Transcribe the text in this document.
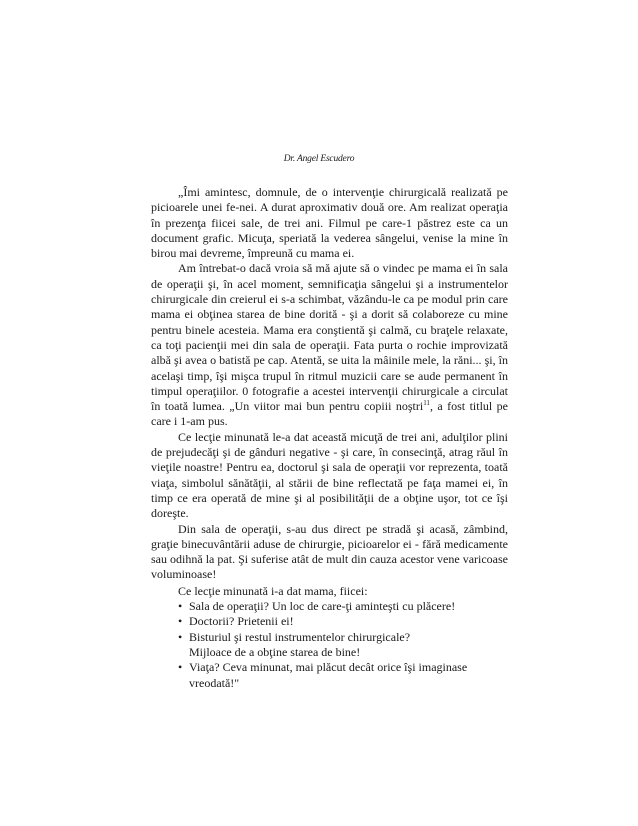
Dr. Angel Escudero

„Îmi amintesc, domnule, de o intervenţie chirurgicală realizată pe picioarele unei fe-nei. A durat aproximativ două ore. Am realizat operaţia în prezenţa fiicei sale, de trei ani. Filmul pe care-1 păstrez este ca un document grafic. Micuţa, speriată la vederea sângelui, venise la mine în birou mai devreme, împreună cu mama ei.

Am întrebat-o dacă vroia să mă ajute să o vindec pe mama ei în sala de operaţii şi, în acel moment, semnificaţia sângelui şi a instrumentelor chirurgicale din creierul ei s-a schimbat, văzându-le ca pe modul prin care mama ei obţinea starea de bine dorită - şi a dorit să colaboreze cu mine pentru binele acesteia. Mama era conştientă şi calmă, cu braţele relaxate, ca toţi pacienţii mei din sala de operaţii. Fata purta o rochie improvizată albă şi avea o batistă pe cap. Atentă, se uita la mâinile mele, la răni... şi, în acelaşi timp, îşi mişca trupul în ritmul muzicii care se aude permanent în timpul operaţiilor. 0 fotografie a acestei intervenţii chirurgicale a circulat în toată lumea. „Un viitor mai bun pentru copiii noştri$^{11}$, a fost titlul pe care i 1-am pus.

Ce lecţie minunată le-a dat această micuţă de trei ani, adulţilor plini de prejudecăţi şi de gânduri negative - şi care, în consecinţă, atrag răul în vieţile noastre! Pentru ea, doctorul şi sala de operaţii vor reprezenta, toată viaţa, simbolul sănătăţii, al stării de bine reflectată pe faţa mamei ei, în timp ce era operată de mine şi al posibilităţii de a obţine uşor, tot ce îşi doreşte.

Din sala de operaţii, s-au dus direct pe stradă şi acasă, zâmbind, graţie binecuvântării aduse de chirurgie, picioarelor ei - fără medicamente sau odihnă la pat. Şi suferise atât de mult din cauza acestor vene varicoase voluminoase!

Ce lecţie minunată i-a dat mama, fiicei:

• Sala de operaţii? Un loc de care-ţi aminteşti cu plăcere!
• Doctorii? Prietenii ei!
• Bisturiul şi restul instrumentelor chirurgicale?
Mijloace de a obţine starea de bine!
• Viaţa? Ceva minunat, mai plăcut decât orice îşi imaginase vreodată!"
